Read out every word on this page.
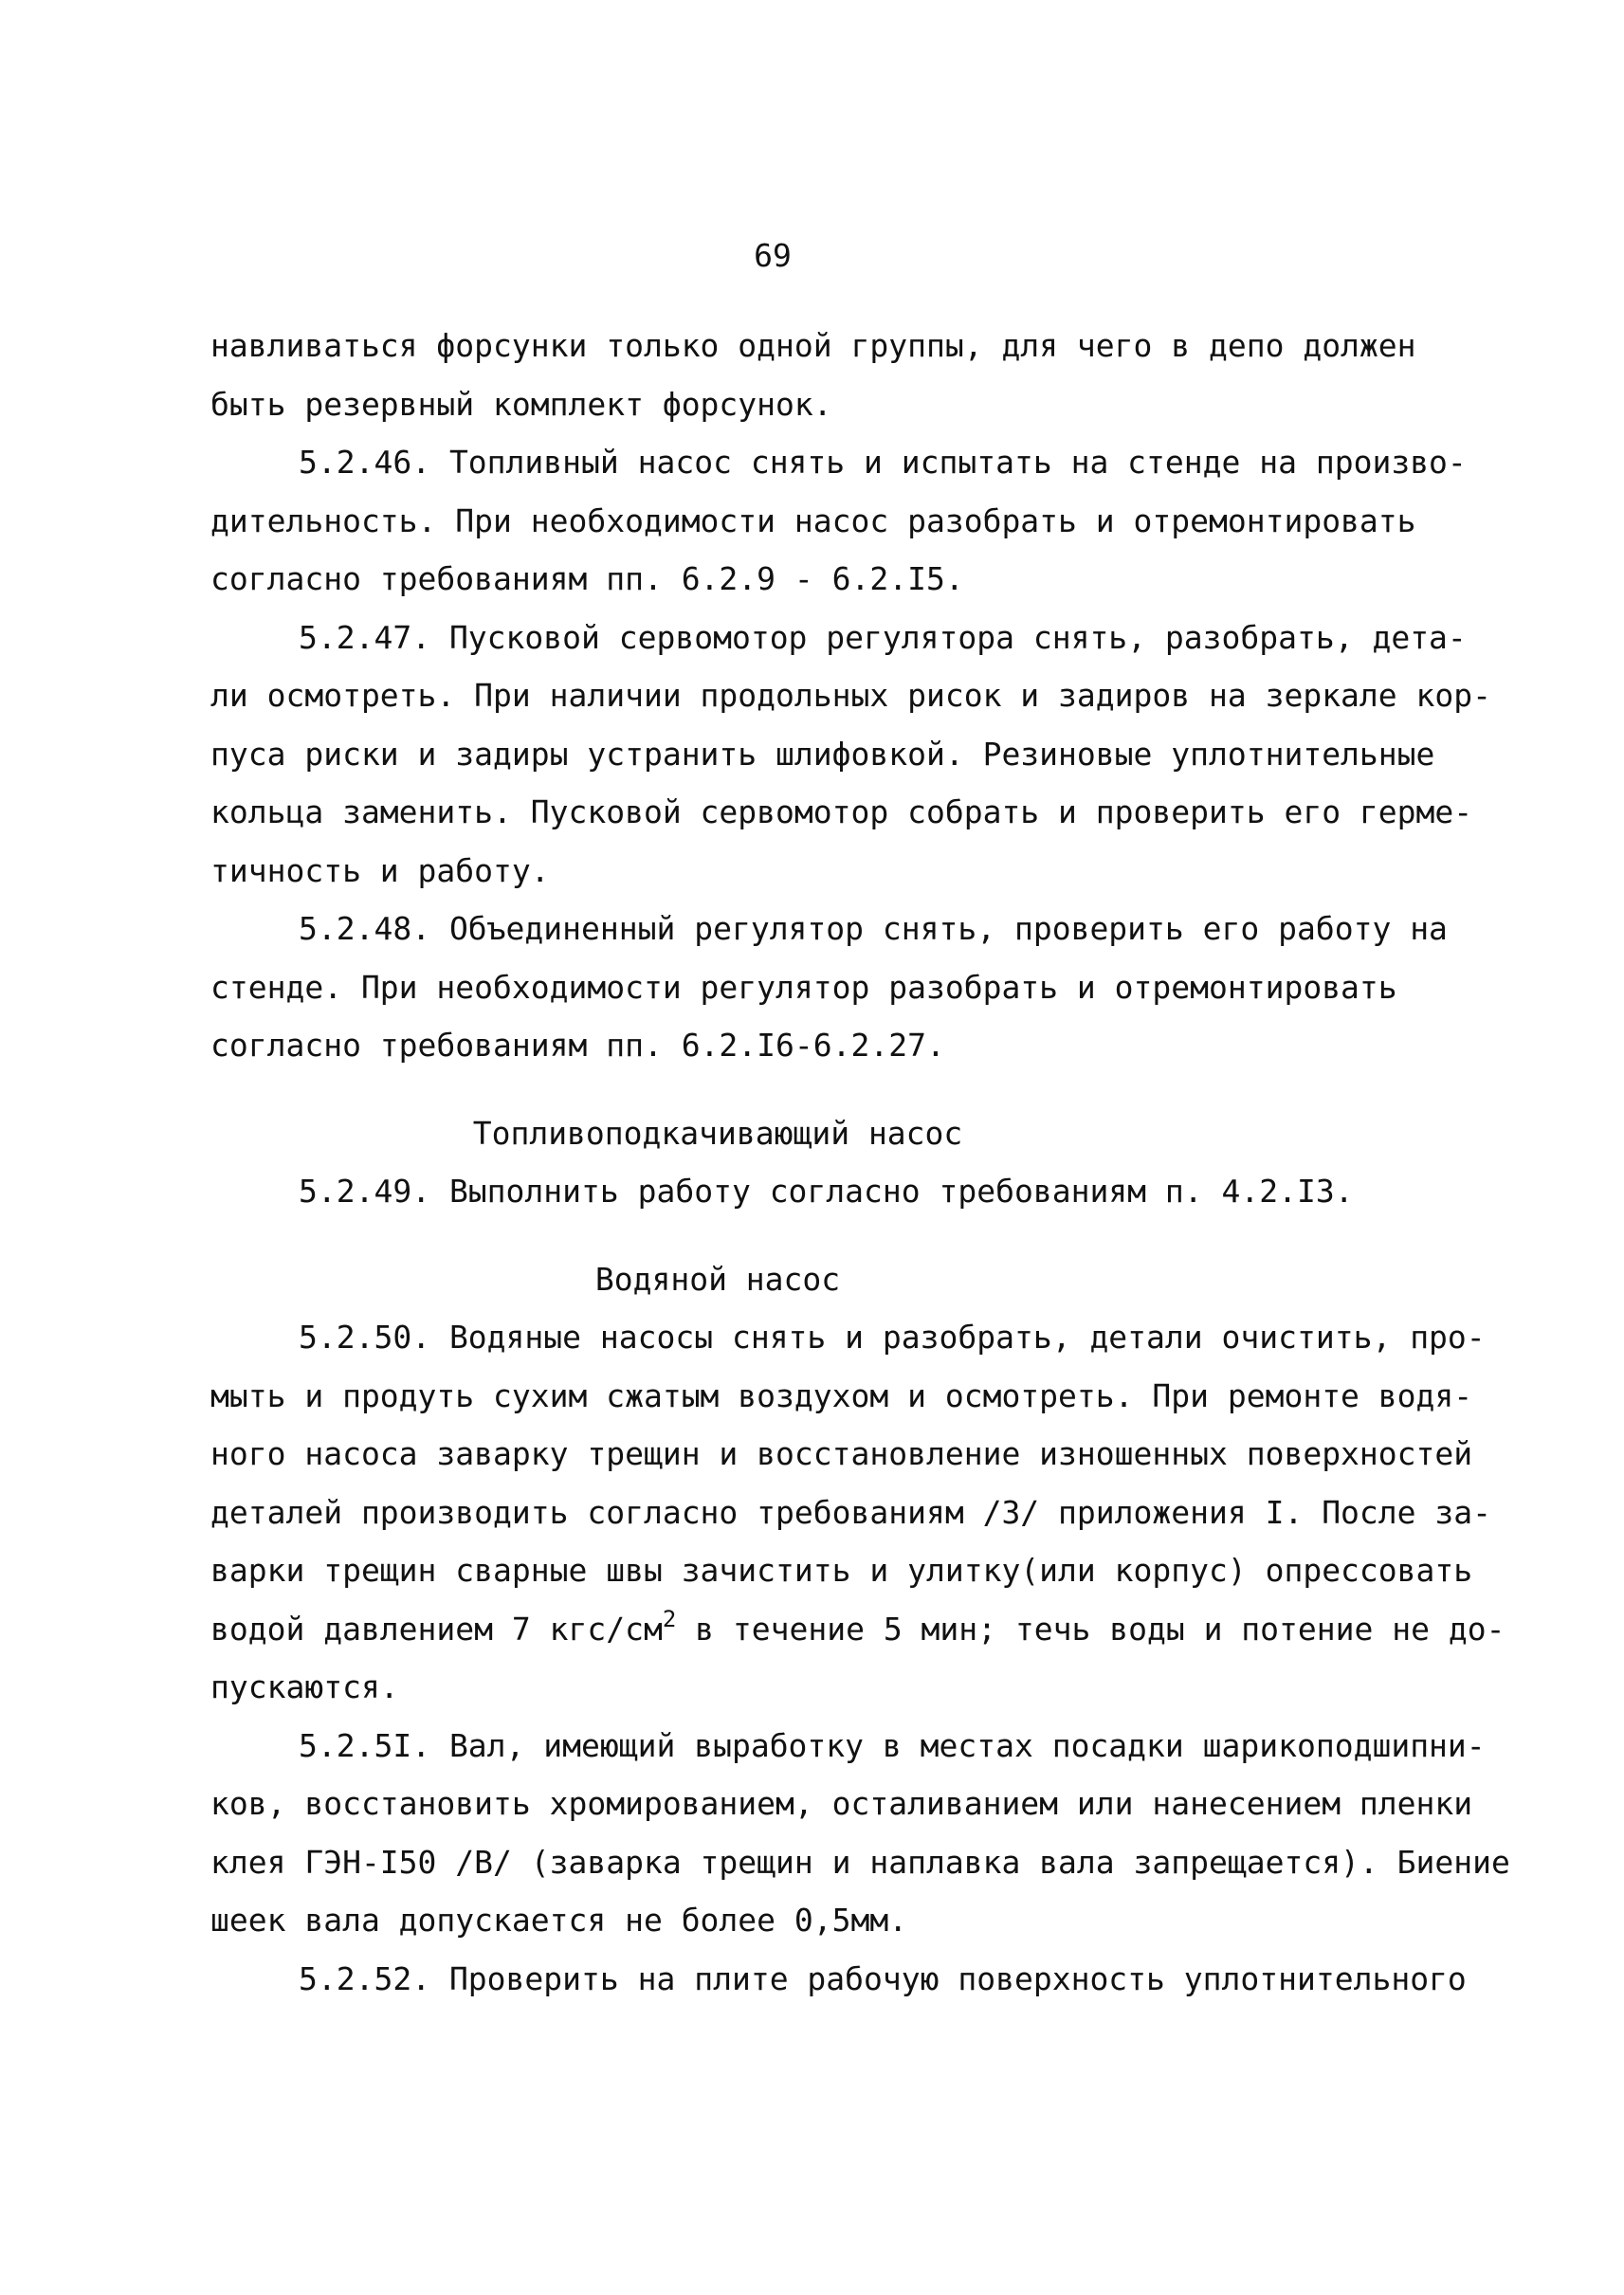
69
навливаться форсунки только одной группы, для чего в депо должен
быть резервный комплект форсунок.
5.2.46. Топливный насос снять и испытать на стенде на произво-
дительность. При необходимости насос разобрать и отремонтировать
согласно требованиям пп. 6.2.9 - 6.2.I5.
5.2.47. Пусковой сервомотор регулятора снять, разобрать, дета-
ли осмотреть. При наличии продольных рисок и задиров на зеркале кор-
пуса риски и задиры устранить шлифовкой. Резиновые уплотнительные
кольца заменить. Пусковой сервомотор собрать и проверить его герме-
тичность и работу.
5.2.48. Объединенный регулятор снять, проверить его работу на
стенде. При необходимости регулятор разобрать и отремонтировать
согласно требованиям пп. 6.2.I6-6.2.27.
Топливоподкачивающий насос
5.2.49. Выполнить работу согласно требованиям п. 4.2.I3.
Водяной насос
5.2.50. Водяные насосы снять и разобрать, детали очистить, про-
мыть и продуть сухим сжатым воздухом и осмотреть. При ремонте водя-
ного насоса заварку трещин и восстановление изношенных поверхностей
деталей производить согласно требованиям /3/ приложения I. После за-
варки трещин сварные швы зачистить и улитку(или корпус) опрессовать
водой давлением 7 кгс/$см^2$ в течение 5 мин; течь воды и потение не до-
пускаются.
5.2.5I. Вал, имеющий выработку в местах посадки шарикоподшипни-
ков, восстановить хромированием, осталиванием или нанесением пленки
клея ГЭН-I50 /В/ (заварка трещин и наплавка вала запрещается). Биение
шеек вала допускается не более 0,5мм.
5.2.52. Проверить на плите рабочую поверхность уплотнительного
